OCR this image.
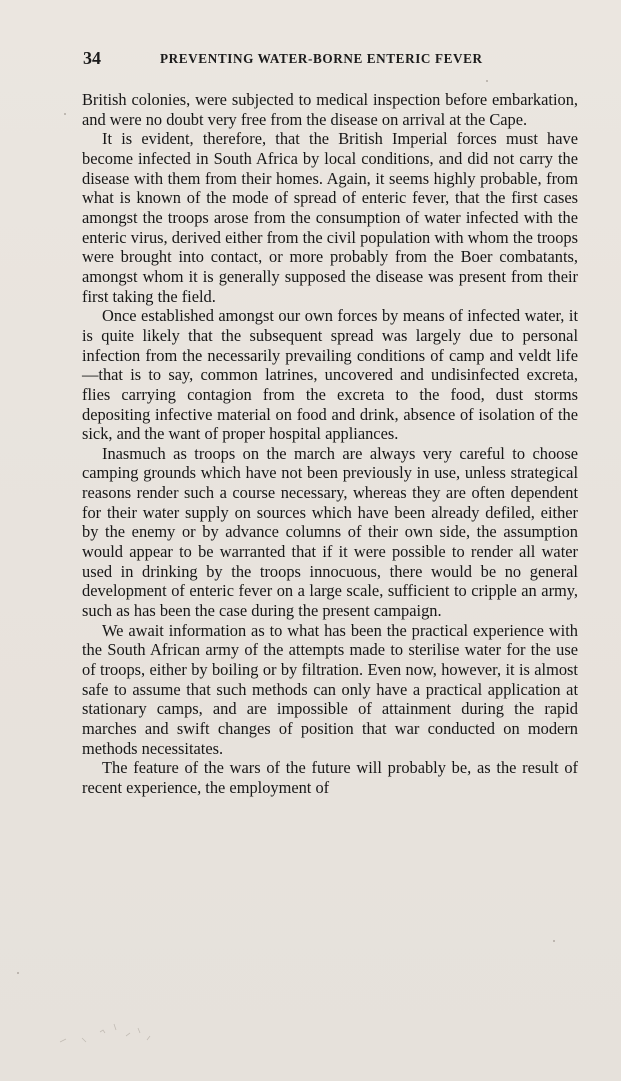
34	PREVENTING WATER-BORNE ENTERIC FEVER

British colonies, were subjected to medical inspection before embarkation, and were no doubt very free from the disease on arrival at the Cape.

It is evident, therefore, that the British Imperial forces must have become infected in South Africa by local conditions, and did not carry the disease with them from their homes. Again, it seems highly probable, from what is known of the mode of spread of enteric fever, that the first cases amongst the troops arose from the consumption of water infected with the enteric virus, derived either from the civil population with whom the troops were brought into contact, or more probably from the Boer combatants, amongst whom it is generally supposed the disease was present from their first taking the field.

Once established amongst our own forces by means of infected water, it is quite likely that the subsequent spread was largely due to personal infection from the necessarily prevailing conditions of camp and veldt life—that is to say, common latrines, uncovered and undisinfected excreta, flies carrying contagion from the excreta to the food, dust storms depositing infective material on food and drink, absence of isolation of the sick, and the want of proper hospital appliances.

Inasmuch as troops on the march are always very careful to choose camping grounds which have not been previously in use, unless strategical reasons render such a course necessary, whereas they are often dependent for their water supply on sources which have been already defiled, either by the enemy or by advance columns of their own side, the assumption would appear to be warranted that if it were possible to render all water used in drinking by the troops innocuous, there would be no general development of enteric fever on a large scale, sufficient to cripple an army, such as has been the case during the present campaign.

We await information as to what has been the practical experience with the South African army of the attempts made to sterilise water for the use of troops, either by boiling or by filtration. Even now, however, it is almost safe to assume that such methods can only have a practical application at stationary camps, and are impossible of attainment during the rapid marches and swift changes of position that war conducted on modern methods necessitates.

The feature of the wars of the future will probably be, as the result of recent experience, the employment of
